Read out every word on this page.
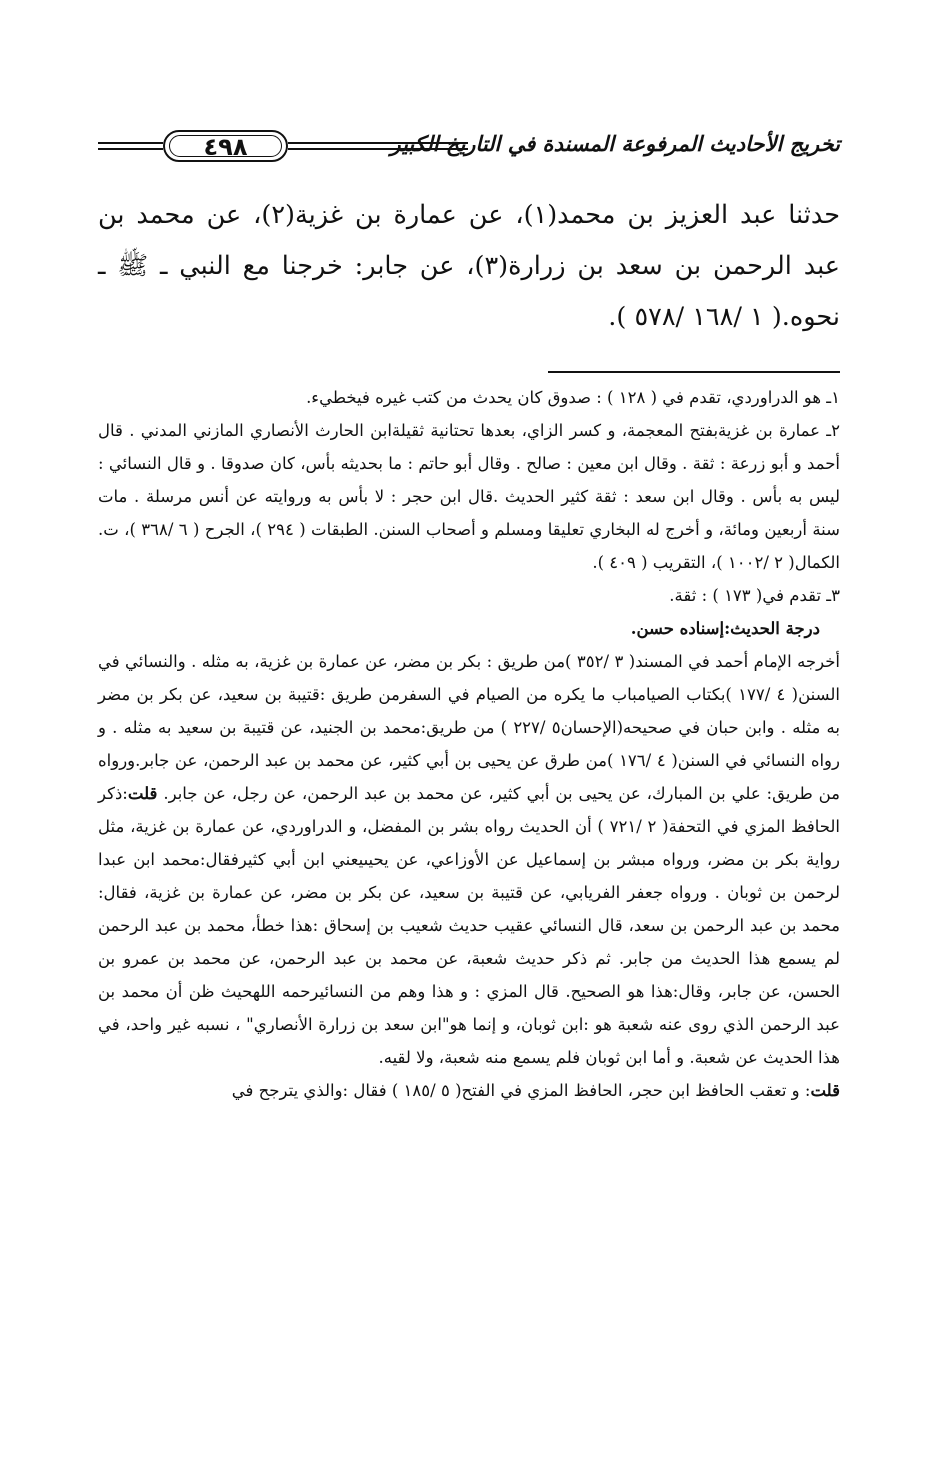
٤٩٨	تخريج الأحاديث المرفوعة المسندة في التاريخ الكبير

حدثنا عبد العزيز بن محمد(١)، عن عمارة بن غزية(٢)، عن محمد بن عبد الرحمن بن سعد بن زرارة(٣)، عن جابر: خرجنا مع النبي ـ ﷺ ـ نحوه.( ١ /١٦٨ /٥٧٨ ).

١ـ هو الدراوردي، تقدم في ( ١٢٨ ) : صدوق كان يحدث من كتب غيره فيخطيء.

٢ـ عمارة بن غزيةبفتح المعجمة، و كسر الزاي، بعدها تحتانية ثقيلةابن الحارث الأنصاري المازني المدني . قال أحمد و أبو زرعة : ثقة . وقال ابن معين : صالح . وقال أبو حاتم : ما بحديثه بأس، كان صدوقا . و قال النسائي : ليس به بأس . وقال ابن سعد : ثقة كثير الحديث .قال ابن حجر : لا بأس به وروايته عن أنس مرسلة . مات سنة أربعين ومائة، و أخرج له البخاري تعليقا ومسلم و أصحاب السنن. الطبقات ( ٢٩٤ )، الجرح ( ٦ /٣٦٨ )، ت. الكمال( ٢ /١٠٠٢ )، التقريب ( ٤٠٩ ).

٣ـ تقدم في( ١٧٣ ) : ثقة.

درجة الحديث:إسناده حسن.

أخرجه الإمام أحمد في المسند( ٣ /٣٥٢ )من طريق : بكر بن مضر، عن عمارة بن غزية، به مثله . والنسائي في السنن( ٤ /١٧٧ )بكتاب الصيامباب ما يكره من الصيام في السفرمن طريق :قتيبة بن سعيد، عن بكر بن مضر به مثله . وابن حبان في صحيحه(الإحسان٥ /٢٢٧ ) من طريق:محمد بن الجنيد، عن قتيبة بن سعيد به مثله . و رواه النسائي في السنن( ٤ /١٧٦ )من طرق عن يحيى بن أبي كثير، عن محمد بن عبد الرحمن، عن جابر.ورواه من طريق: علي بن المبارك، عن يحيى بن أبي كثير، عن محمد بن عبد الرحمن، عن رجل، عن جابر. قلت:ذكر الحافظ المزي في التحفة( ٢ /٧٢١ ) أن الحديث رواه بشر بن المفضل، و الدراوردي، عن عمارة بن غزية، مثل رواية بكر بن مضر، ورواه مبشر بن إسماعيل عن الأوزاعي، عن يحيىيعني ابن أبي كثيرفقال:محمد ابن عبدا لرحمن بن ثوبان . ورواه جعفر الفريابي، عن قتيبة بن سعيد، عن بكر بن مضر، عن عمارة بن غزية، فقال: محمد بن عبد الرحمن بن سعد، قال النسائي عقيب حديث شعيب بن إسحاق :هذا خطأ، محمد بن عبد الرحمن لم يسمع هذا الحديث من جابر. ثم ذكر حديث شعبة، عن محمد بن عبد الرحمن، عن محمد بن عمرو بن الحسن، عن جابر، وقال:هذا هو الصحيح. قال المزي : و هذا وهم من النسائيرحمه اللهحيث ظن أن محمد بن عبد الرحمن الذي روى عنه شعبة هو :ابن ثوبان، و إنما هو"ابن سعد بن زرارة الأنصاري" ، نسبه غير واحد، في هذا الحديث عن شعبة. و أما ابن ثوبان فلم يسمع منه شعبة، ولا لقيه.

قلت: و تعقب الحافظ ابن حجر، الحافظ المزي في الفتح( ٥ /١٨٥ ) فقال :والذي يترجح في
